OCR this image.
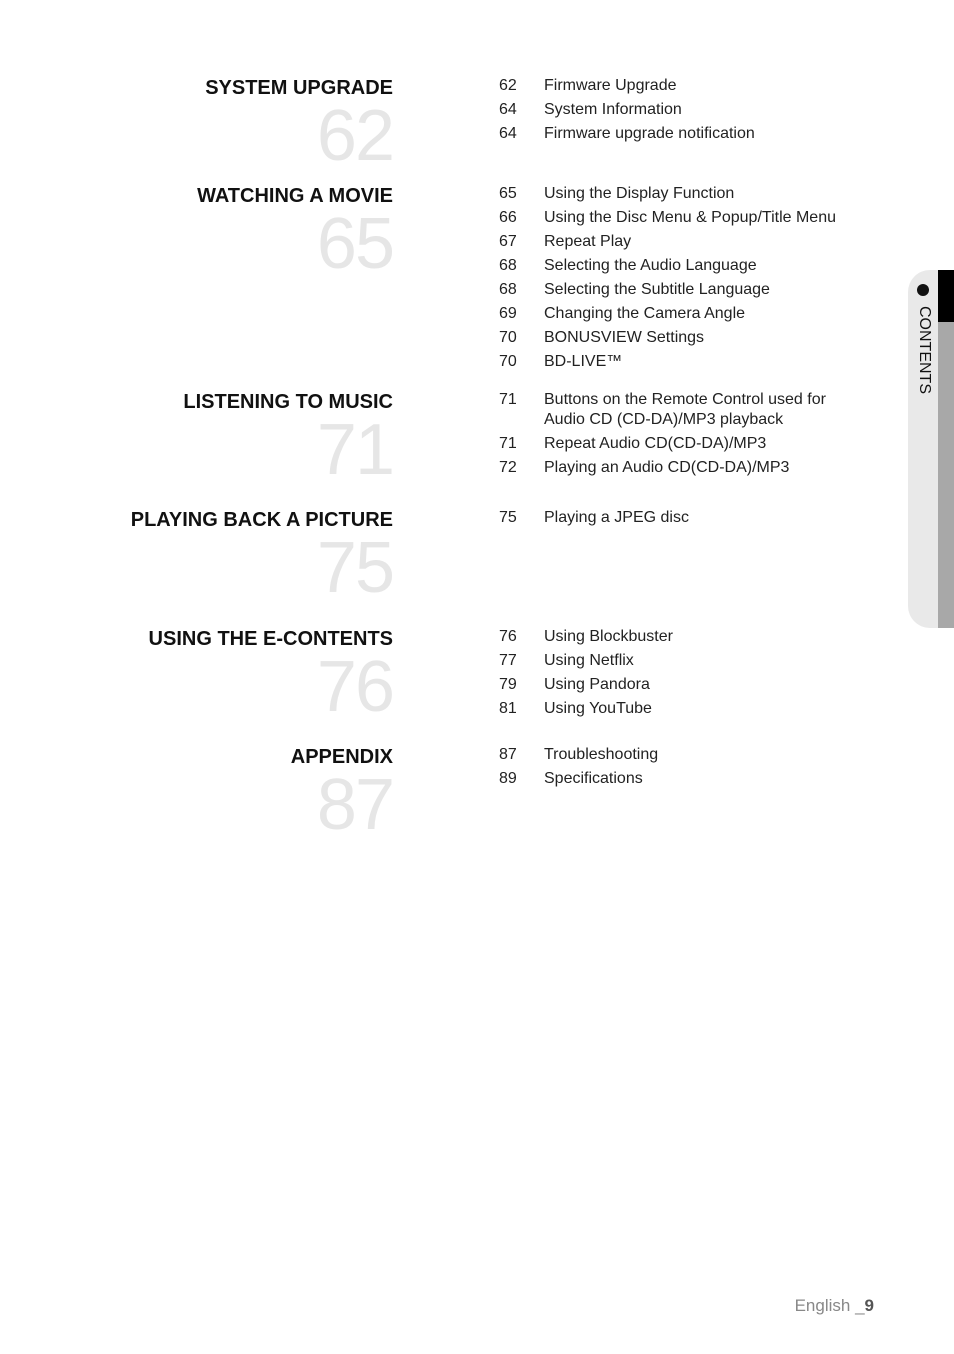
SYSTEM UPGRADE
62
62	Firmware Upgrade
64	System Information
64	Firmware upgrade notification
WATCHING A MOVIE
65
65	Using the Display Function
66	Using the Disc Menu & Popup/Title Menu
67	Repeat Play
68	Selecting the Audio Language
68	Selecting the Subtitle Language
69	Changing the Camera Angle
70	BONUSVIEW Settings
70	BD-LIVE™
LISTENING TO MUSIC
71
71	Buttons on the Remote Control used for Audio CD (CD-DA)/MP3 playback
71	Repeat Audio CD(CD-DA)/MP3
72	Playing an Audio CD(CD-DA)/MP3
PLAYING BACK A PICTURE
75
75	Playing a JPEG disc
USING THE E-CONTENTS
76
76	Using Blockbuster
77	Using Netflix
79	Using Pandora
81	Using YouTube
APPENDIX
87
87	Troubleshooting
89	Specifications
CONTENTS
English _9
